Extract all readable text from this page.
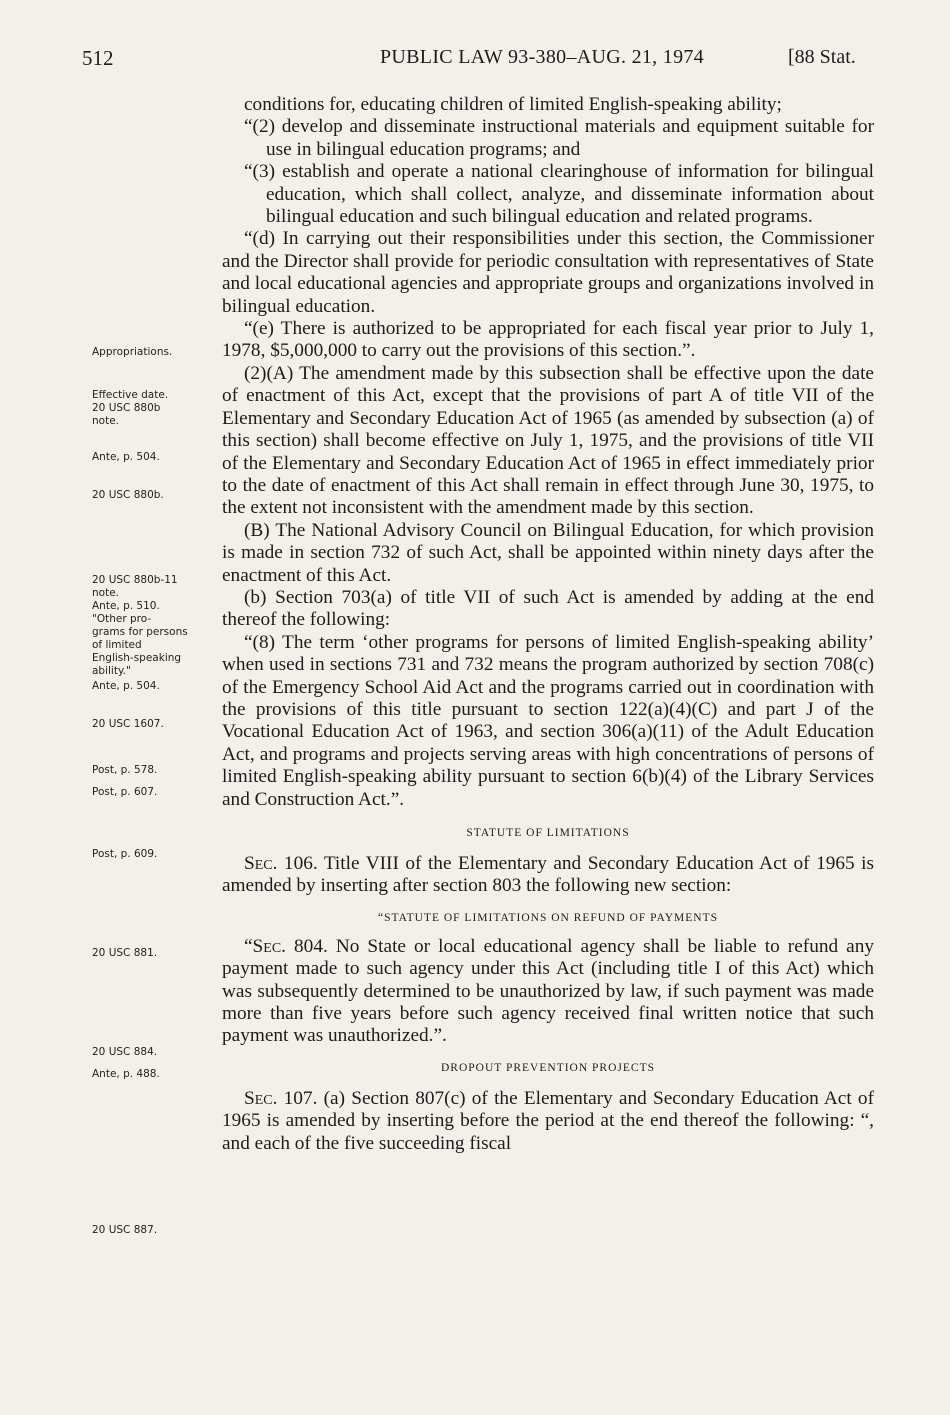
512	PUBLIC LAW 93-380–AUG. 21, 1974	[88 Stat.
Appropriations.
Effective date.
20 USC 880b
note.
Ante, p. 504.
20 USC 880b.
20 USC 880b-11
note.
Ante, p. 510.
"Other pro-
grams for persons
of limited
English-speaking
ability."
Ante, p. 504.
20 USC 1607.
Post, p. 578.
Post, p. 607.
Post, p. 609.
20 USC 881.
20 USC 884.
Ante, p. 488.
20 USC 887.

conditions for, educating children of limited English-speaking ability;

“(2) develop and disseminate instructional materials and equipment suitable for use in bilingual education programs; and

“(3) establish and operate a national clearinghouse of information for bilingual education, which shall collect, analyze, and disseminate information about bilingual education and such bilingual education and related programs.

“(d) In carrying out their responsibilities under this section, the Commissioner and the Director shall provide for periodic consultation with representatives of State and local educational agencies and appropriate groups and organizations involved in bilingual education.

“(e) There is authorized to be appropriated for each fiscal year prior to July 1, 1978, $5,000,000 to carry out the provisions of this section.”.

(2)(A) The amendment made by this subsection shall be effective upon the date of enactment of this Act, except that the provisions of part A of title VII of the Elementary and Secondary Education Act of 1965 (as amended by subsection (a) of this section) shall become effective on July 1, 1975, and the provisions of title VII of the Elementary and Secondary Education Act of 1965 in effect immediately prior to the date of enactment of this Act shall remain in effect through June 30, 1975, to the extent not inconsistent with the amendment made by this section.

(B) The National Advisory Council on Bilingual Education, for which provision is made in section 732 of such Act, shall be appointed within ninety days after the enactment of this Act.

(b) Section 703(a) of title VII of such Act is amended by adding at the end thereof the following:

“(8) The term ‘other programs for persons of limited English-speaking ability’ when used in sections 731 and 732 means the program authorized by section 708(c) of the Emergency School Aid Act and the programs carried out in coordination with the provisions of this title pursuant to section 122(a)(4)(C) and part J of the Vocational Education Act of 1963, and section 306(a)(11) of the Adult Education Act, and programs and projects serving areas with high concentrations of persons of limited English-speaking ability pursuant to section 6(b)(4) of the Library Services and Construction Act.”.

STATUTE OF LIMITATIONS

Sec. 106. Title VIII of the Elementary and Secondary Education Act of 1965 is amended by inserting after section 803 the following new section:

“STATUTE OF LIMITATIONS ON REFUND OF PAYMENTS

“Sec. 804. No State or local educational agency shall be liable to refund any payment made to such agency under this Act (including title I of this Act) which was subsequently determined to be unauthorized by law, if such payment was made more than five years before such agency received final written notice that such payment was unauthorized.”.

DROPOUT PREVENTION PROJECTS

Sec. 107. (a) Section 807(c) of the Elementary and Secondary Education Act of 1965 is amended by inserting before the period at the end thereof the following: “, and each of the five succeeding fiscal
